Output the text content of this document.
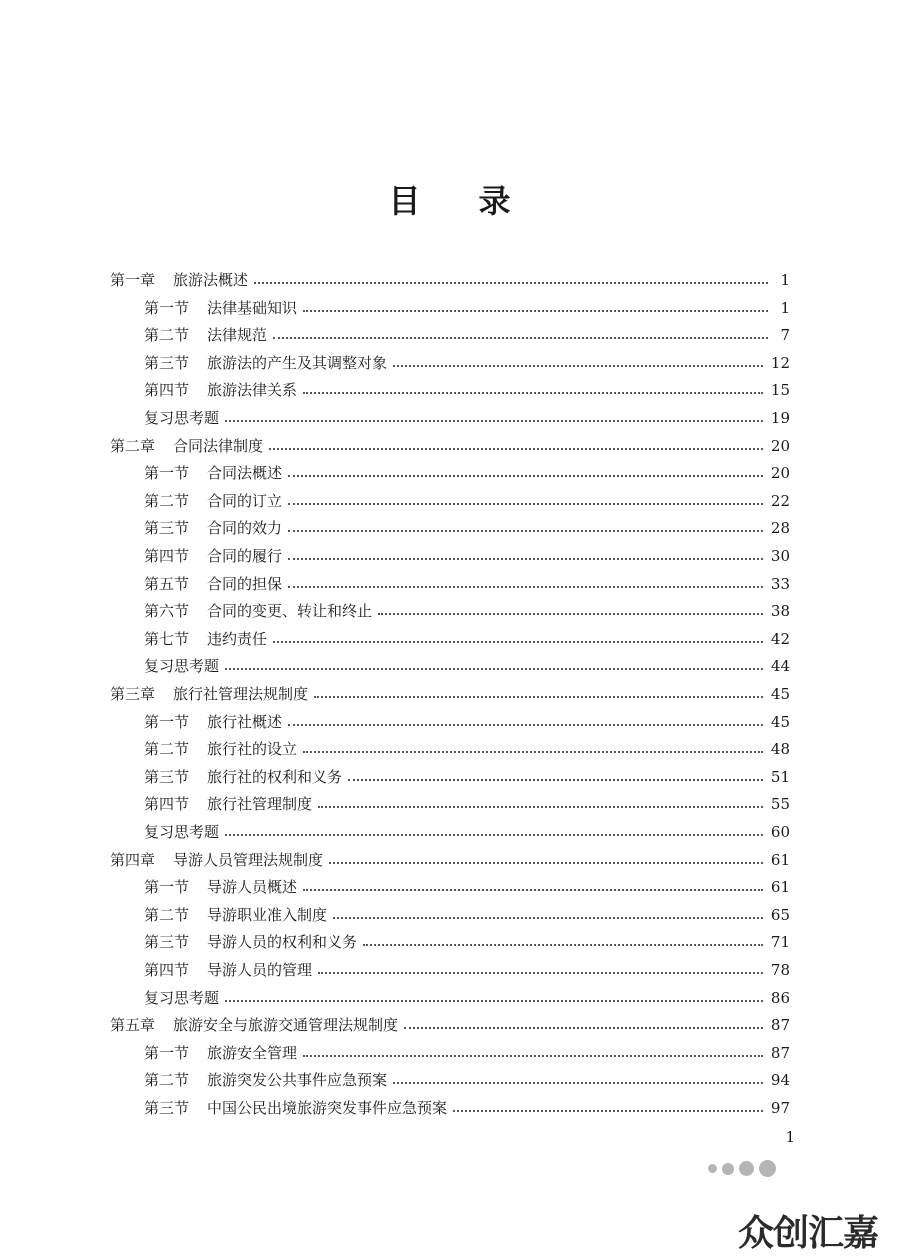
目 录
第一章 旅游法概述	1
第一节 法律基础知识	1
第二节 法律规范	7
第三节 旅游法的产生及其调整对象	12
第四节 旅游法律关系	15
复习思考题	19
第二章 合同法律制度	20
第一节 合同法概述	20
第二节 合同的订立	22
第三节 合同的效力	28
第四节 合同的履行	30
第五节 合同的担保	33
第六节 合同的变更、转让和终止	38
第七节 违约责任	42
复习思考题	44
第三章 旅行社管理法规制度	45
第一节 旅行社概述	45
第二节 旅行社的设立	48
第三节 旅行社的权利和义务	51
第四节 旅行社管理制度	55
复习思考题	60
第四章 导游人员管理法规制度	61
第一节 导游人员概述	61
第二节 导游职业准入制度	65
第三节 导游人员的权利和义务	71
第四节 导游人员的管理	78
复习思考题	86
第五章 旅游安全与旅游交通管理法规制度	87
第一节 旅游安全管理	87
第二节 旅游突发公共事件应急预案	94
第三节 中国公民出境旅游突发事件应急预案	97
1
众创汇嘉
